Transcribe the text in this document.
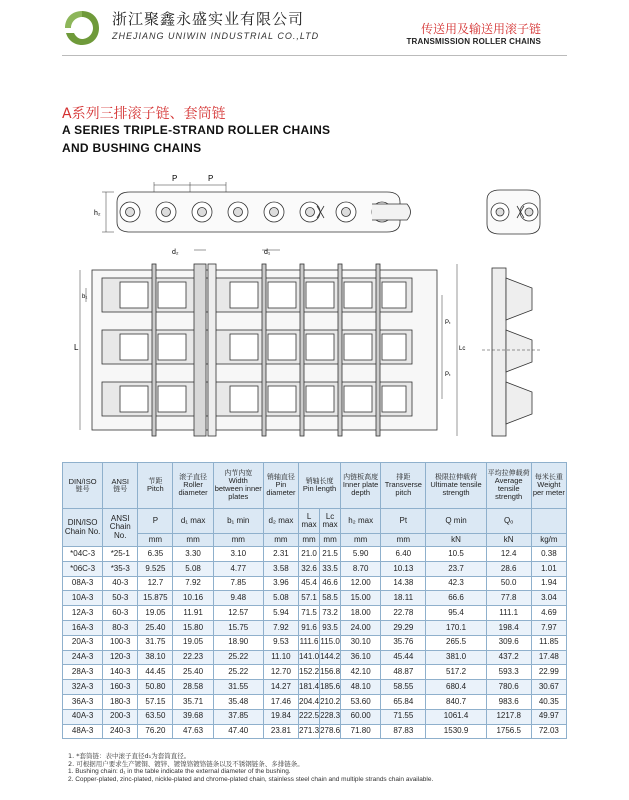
浙江聚鑫永盛实业有限公司
ZHEJIANG UNIWIN INDUSTRIAL CO.,LTD	传送用及输送用滚子链
TRANSMISSION ROLLER CHAINS
A系列三排滚子链、套筒链
A SERIES TRIPLE-STRAND ROLLER CHAINS
AND BUSHING CHAINS
P	P
h₂
d₂	d₁
L
b₁
Pₜ
Pₜ
Lc
DIN/ISO
链号	ANSI
链号	节距
Pitch	滚子直径
Roller diameter	内节内宽
Width between inner plates	销轴直径
Pin diameter	销轴长度
Pin length		内链板高度
Inner plate depth	排距
Transverse pitch	极限拉伸载荷
Ultimate tensile strength	平均拉伸载荷
Average tensile strength	每米长重
Weight per meter

DIN/ISO Chain No.	ANSI Chain No.	P	d₁ max	b₁ min	d₂ max	L max	Lc max	h₂ max	Pt	Q min	Qₒ	
		mm	mm	mm	mm	mm	mm	mm	mm	kN	kN	kg/m
*04C-3	*25-1	6.35	3.30	3.10	2.31	21.0	21.5	5.90	6.40	10.5	12.4	0.38
*06C-3	*35-3	9.525	5.08	4.77	3.58	32.6	33.5	8.70	10.13	23.7	28.6	1.01
08A-3	40-3	12.7	7.92	7.85	3.96	45.4	46.6	12.00	14.38	42.3	50.0	1.94
10A-3	50-3	15.875	10.16	9.48	5.08	57.1	58.5	15.00	18.11	66.6	77.8	3.04
12A-3	60-3	19.05	11.91	12.57	5.94	71.5	73.2	18.00	22.78	95.4	111.1	4.69
16A-3	80-3	25.40	15.80	15.75	7.92	91.6	93.5	24.00	29.29	170.1	198.4	7.97
20A-3	100-3	31.75	19.05	18.90	9.53	111.6	115.0	30.10	35.76	265.5	309.6	11.85
24A-3	120-3	38.10	22.23	25.22	11.10	141.0	144.2	36.10	45.44	381.0	437.2	17.48
28A-3	140-3	44.45	25.40	25.22	12.70	152.2	156.8	42.10	48.87	517.2	593.3	22.99
32A-3	160-3	50.80	28.58	31.55	14.27	181.4	185.6	48.10	58.55	680.4	780.6	30.67
36A-3	180-3	57.15	35.71	35.48	17.46	204.4	210.2	53.60	65.84	840.7	983.6	40.35
40A-3	200-3	63.50	39.68	37.85	19.84	222.5	228.3	60.00	71.55	1061.4	1217.8	49.97
48A-3	240-3	76.20	47.63	47.40	23.81	271.3	278.6	71.80	87.83	1530.9	1756.5	72.03
1. *套筒链：表中滚子直径d₁为套筒直径。
2. 可根据用户要求生产镀铜、镀锌、镀镍铬镀铬链条以及不锈钢链条、多排链条。
1. Bushing chain: d₁ in the table indicate the external diameter of the bushing.
2. Copper-plated, zinc-plated, nickle-plated and chrome-plated chain, stainless steel chain and multiple strands chain available.
